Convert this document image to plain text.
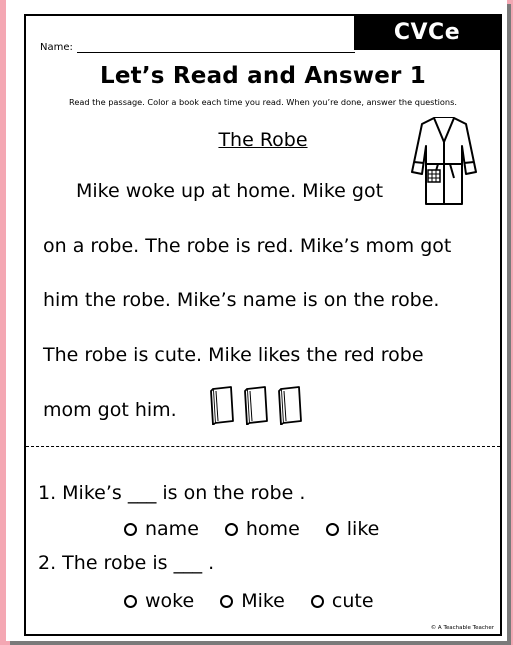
CVCe
Name:
Let’s Read and Answer 1
Read the passage. Color a book each time you read. When you’re done, answer the questions.
The Robe
Mike woke up at home. Mike got
on a robe. The robe is red. Mike’s mom got
him the robe. Mike’s name is on the robe.
The robe is cute. Mike likes the red robe
mom got him.
1. Mike’s ___ is on the robe .
name home like
2. The robe is ___ .
woke Mike cute
© A Teachable Teacher
